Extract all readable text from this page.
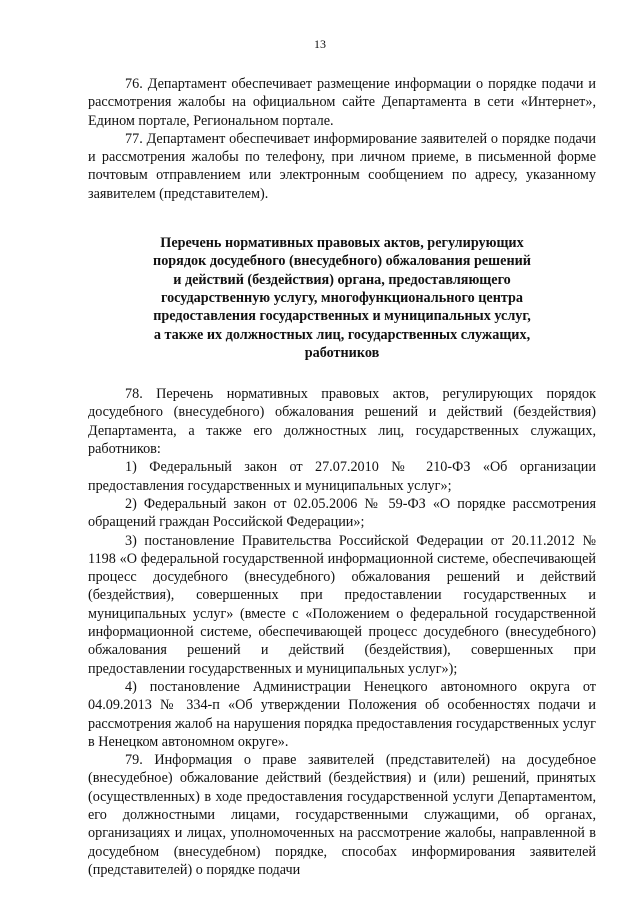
13

76. Департамент обеспечивает размещение информации о порядке подачи и рассмотрения жалобы на официальном сайте Департамента в сети «Интернет», Едином портале, Региональном портале.

77. Департамент обеспечивает информирование заявителей о порядке подачи и рассмотрения жалобы по телефону, при личном приеме, в письменной форме почтовым отправлением или электронным сообщением по адресу, указанному заявителем (представителем).

Перечень нормативных правовых актов, регулирующих
порядок досудебного (внесудебного) обжалования решений
и действий (бездействия) органа, предоставляющего
государственную услугу, многофункционального центра
предоставления государственных и муниципальных услуг,
а также их должностных лиц, государственных служащих,
работников

78. Перечень нормативных правовых актов, регулирующих порядок досудебного (внесудебного) обжалования решений и действий (бездействия) Департамента, а также его должностных лиц, государственных служащих, работников:

1) Федеральный закон от 27.07.2010 № 210-ФЗ «Об организации предоставления государственных и муниципальных услуг»;

2) Федеральный закон от 02.05.2006 № 59-ФЗ «О порядке рассмотрения обращений граждан Российской Федерации»;

3) постановление Правительства Российской Федерации от 20.11.2012 № 1198 «О федеральной государственной информационной системе, обеспечивающей процесс досудебного (внесудебного) обжалования решений и действий (бездействия), совершенных при предоставлении государственных и муниципальных услуг» (вместе с «Положением о федеральной государственной информационной системе, обеспечивающей процесс досудебного (внесудебного) обжалования решений и действий (бездействия), совершенных при предоставлении государственных и муниципальных услуг»);

4) постановление Администрации Ненецкого автономного округа от 04.09.2013 № 334-п «Об утверждении Положения об особенностях подачи и рассмотрения жалоб на нарушения порядка предоставления государственных услуг в Ненецком автономном округе».

79. Информация о праве заявителей (представителей) на досудебное (внесудебное) обжалование действий (бездействия) и (или) решений, принятых (осуществленных) в ходе предоставления государственной услуги Департаментом, его должностными лицами, государственными служащими, об органах, организациях и лицах, уполномоченных на рассмотрение жалобы, направленной в досудебном (внесудебном) порядке, способах информирования заявителей (представителей) о порядке подачи
